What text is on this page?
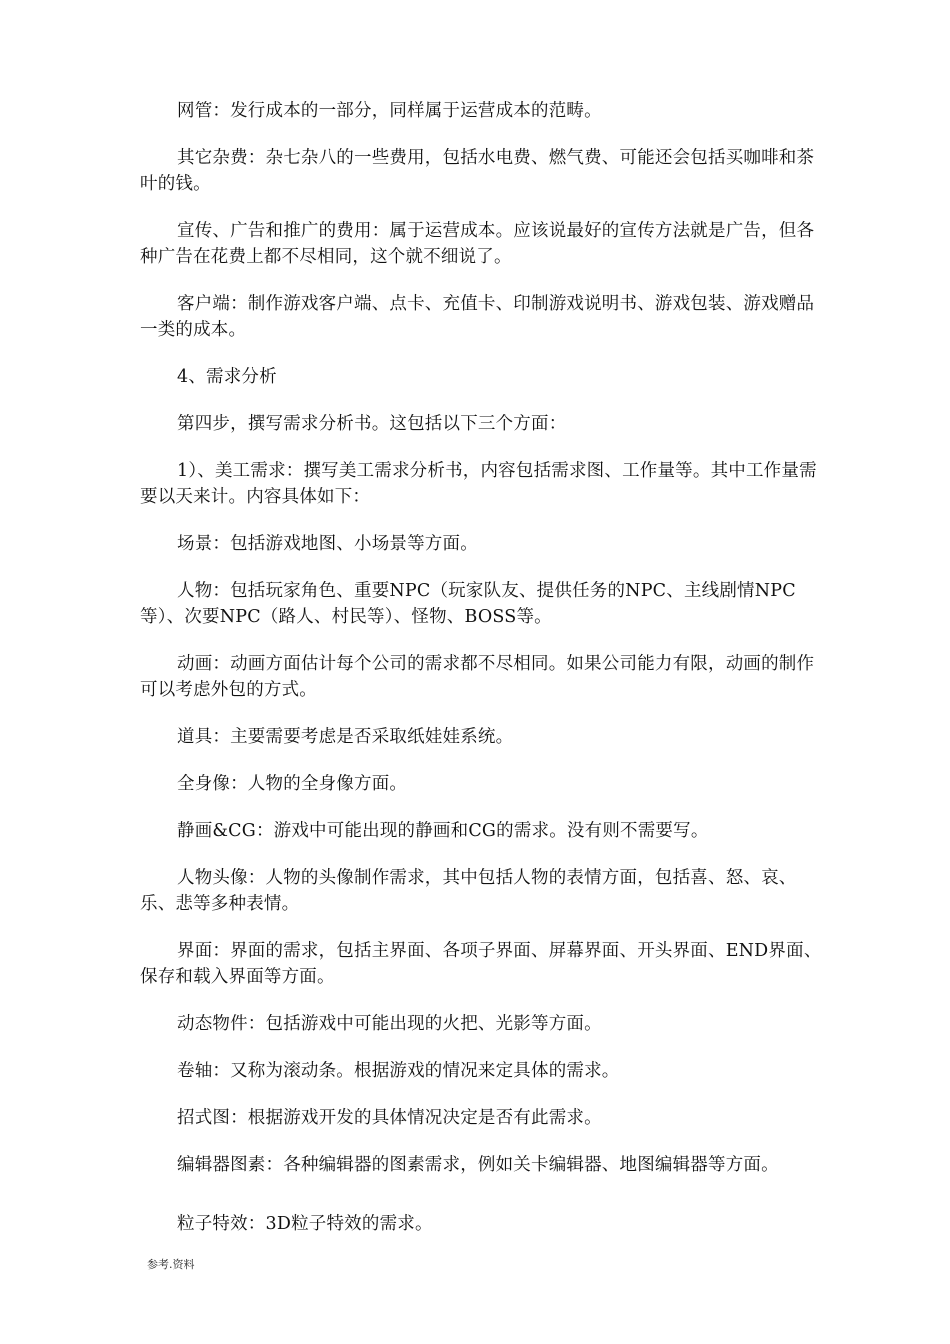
网管：发行成本的一部分，同样属于运营成本的范畴。

其它杂费：杂七杂八的一些费用，包括水电费、燃气费、可能还会包括买咖啡和茶叶的钱。

宣传、广告和推广的费用：属于运营成本。应该说最好的宣传方法就是广告，但各种广告在花费上都不尽相同，这个就不细说了。

客户端：制作游戏客户端、点卡、充值卡、印制游戏说明书、游戏包装、游戏赠品一类的成本。

4、需求分析

第四步，撰写需求分析书。这包括以下三个方面：

1）、美工需求：撰写美工需求分析书，内容包括需求图、工作量等。其中工作量需要以天来计。内容具体如下：

场景：包括游戏地图、小场景等方面。

人物：包括玩家角色、重要NPC（玩家队友、提供任务的NPC、主线剧情NPC等）、次要NPC（路人、村民等）、怪物、BOSS等。

动画：动画方面估计每个公司的需求都不尽相同。如果公司能力有限，动画的制作可以考虑外包的方式。

道具：主要需要考虑是否采取纸娃娃系统。

全身像：人物的全身像方面。

静画&CG：游戏中可能出现的静画和CG的需求。没有则不需要写。

人物头像：人物的头像制作需求，其中包括人物的表情方面，包括喜、怒、哀、乐、悲等多种表情。

界面：界面的需求，包括主界面、各项子界面、屏幕界面、开头界面、END界面、保存和载入界面等方面。

动态物件：包括游戏中可能出现的火把、光影等方面。

卷轴：又称为滚动条。根据游戏的情况来定具体的需求。

招式图：根据游戏开发的具体情况决定是否有此需求。

编辑器图素：各种编辑器的图素需求，例如关卡编辑器、地图编辑器等方面。

粒子特效：3D粒子特效的需求。

参考.资料
